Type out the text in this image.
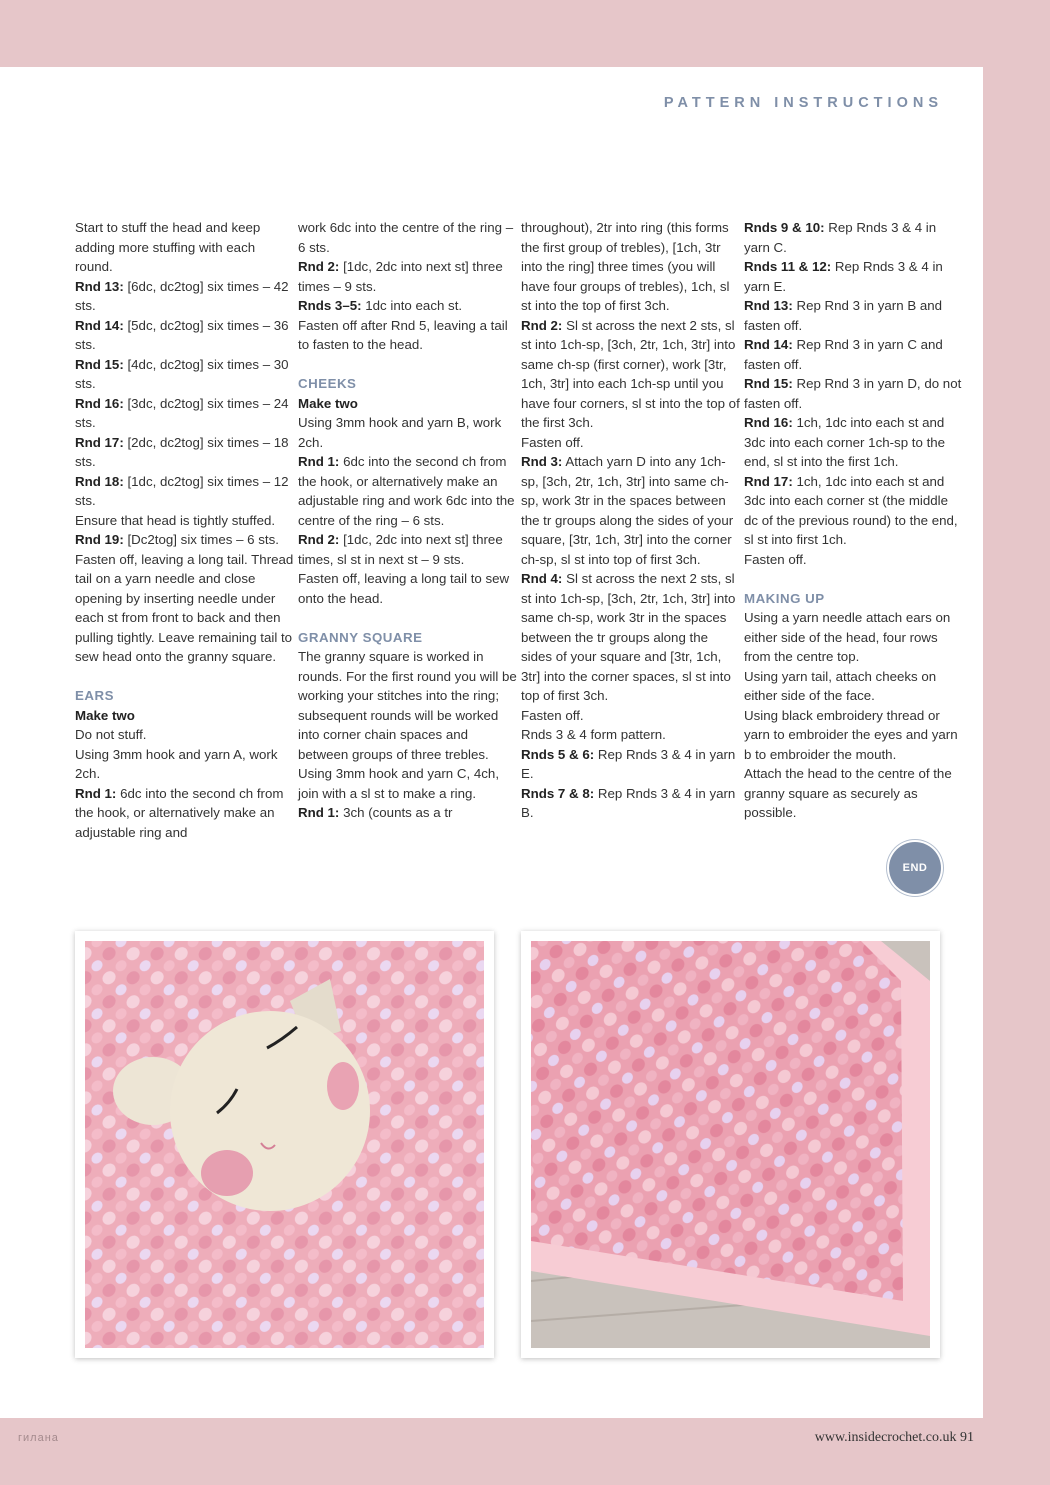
PATTERN INSTRUCTIONS

Start to stuff the head and keep adding more stuffing with each round.

Rnd 13: [6dc, dc2tog] six times – 42 sts.

Rnd 14: [5dc, dc2tog] six times – 36 sts.

Rnd 15: [4dc, dc2tog] six times – 30 sts.

Rnd 16: [3dc, dc2tog] six times – 24 sts.

Rnd 17: [2dc, dc2tog] six times – 18 sts.

Rnd 18: [1dc, dc2tog] six times – 12 sts.

Ensure that head is tightly stuffed.

Rnd 19: [Dc2tog] six times – 6 sts.

Fasten off, leaving a long tail. Thread tail on a yarn needle and close opening by inserting needle under each st from front to back and then pulling tightly. Leave remaining tail to sew head onto the granny square.

EARS

Make two

Do not stuff.

Using 3mm hook and yarn A, work 2ch.

Rnd 1: 6dc into the second ch from the hook, or alternatively make an adjustable ring and

work 6dc into the centre of the ring – 6 sts.

Rnd 2: [1dc, 2dc into next st] three times – 9 sts.

Rnds 3–5: 1dc into each st.

Fasten off after Rnd 5, leaving a tail to fasten to the head.

CHEEKS

Make two

Using 3mm hook and yarn B, work 2ch.

Rnd 1: 6dc into the second ch from the hook, or alternatively make an adjustable ring and work 6dc into the centre of the ring – 6 sts.

Rnd 2: [1dc, 2dc into next st] three times, sl st in next st – 9 sts.

Fasten off, leaving a long tail to sew onto the head.

GRANNY SQUARE

The granny square is worked in rounds. For the first round you will be working your stitches into the ring; subsequent rounds will be worked into corner chain spaces and between groups of three trebles.

Using 3mm hook and yarn C, 4ch, join with a sl st to make a ring.

Rnd 1: 3ch (counts as a tr

throughout), 2tr into ring (this forms the first group of trebles), [1ch, 3tr into the ring] three times (you will have four groups of trebles), 1ch, sl st into the top of first 3ch.

Rnd 2: Sl st across the next 2 sts, sl st into 1ch-sp, [3ch, 2tr, 1ch, 3tr] into same ch-sp (first corner), work [3tr, 1ch, 3tr] into each 1ch-sp until you have four corners, sl st into the top of the first 3ch.

Fasten off.

Rnd 3: Attach yarn D into any 1ch-sp, [3ch, 2tr, 1ch, 3tr] into same ch-sp, work 3tr in the spaces between the tr groups along the sides of your square, [3tr, 1ch, 3tr] into the corner ch-sp, sl st into top of first 3ch.

Rnd 4: Sl st across the next 2 sts, sl st into 1ch-sp, [3ch, 2tr, 1ch, 3tr] into same ch-sp, work 3tr in the spaces between the tr groups along the sides of your square and [3tr, 1ch, 3tr] into the corner spaces, sl st into top of first 3ch.

Fasten off.

Rnds 3 & 4 form pattern.

Rnds 5 & 6: Rep Rnds 3 & 4 in yarn E.

Rnds 7 & 8: Rep Rnds 3 & 4 in yarn B.

Rnds 9 & 10: Rep Rnds 3 & 4 in yarn C.

Rnds 11 & 12: Rep Rnds 3 & 4 in yarn E.

Rnd 13: Rep Rnd 3 in yarn B and fasten off.

Rnd 14: Rep Rnd 3 in yarn C and fasten off.

Rnd 15: Rep Rnd 3 in yarn D, do not fasten off.

Rnd 16: 1ch, 1dc into each st and 3dc into each corner 1ch-sp to the end, sl st into the first 1ch.

Rnd 17: 1ch, 1dc into each st and 3dc into each corner st (the middle dc of the previous round) to the end, sl st into first 1ch.

Fasten off.

MAKING UP

Using a yarn needle attach ears on either side of the head, four rows from the centre top.

Using yarn tail, attach cheeks on either side of the face.

Using black embroidery thread or yarn to embroider the eyes and yarn b to embroider the mouth.

Attach the head to the centre of the granny square as securely as possible.

END
гилана	www.insidecrochet.co.uk 91
